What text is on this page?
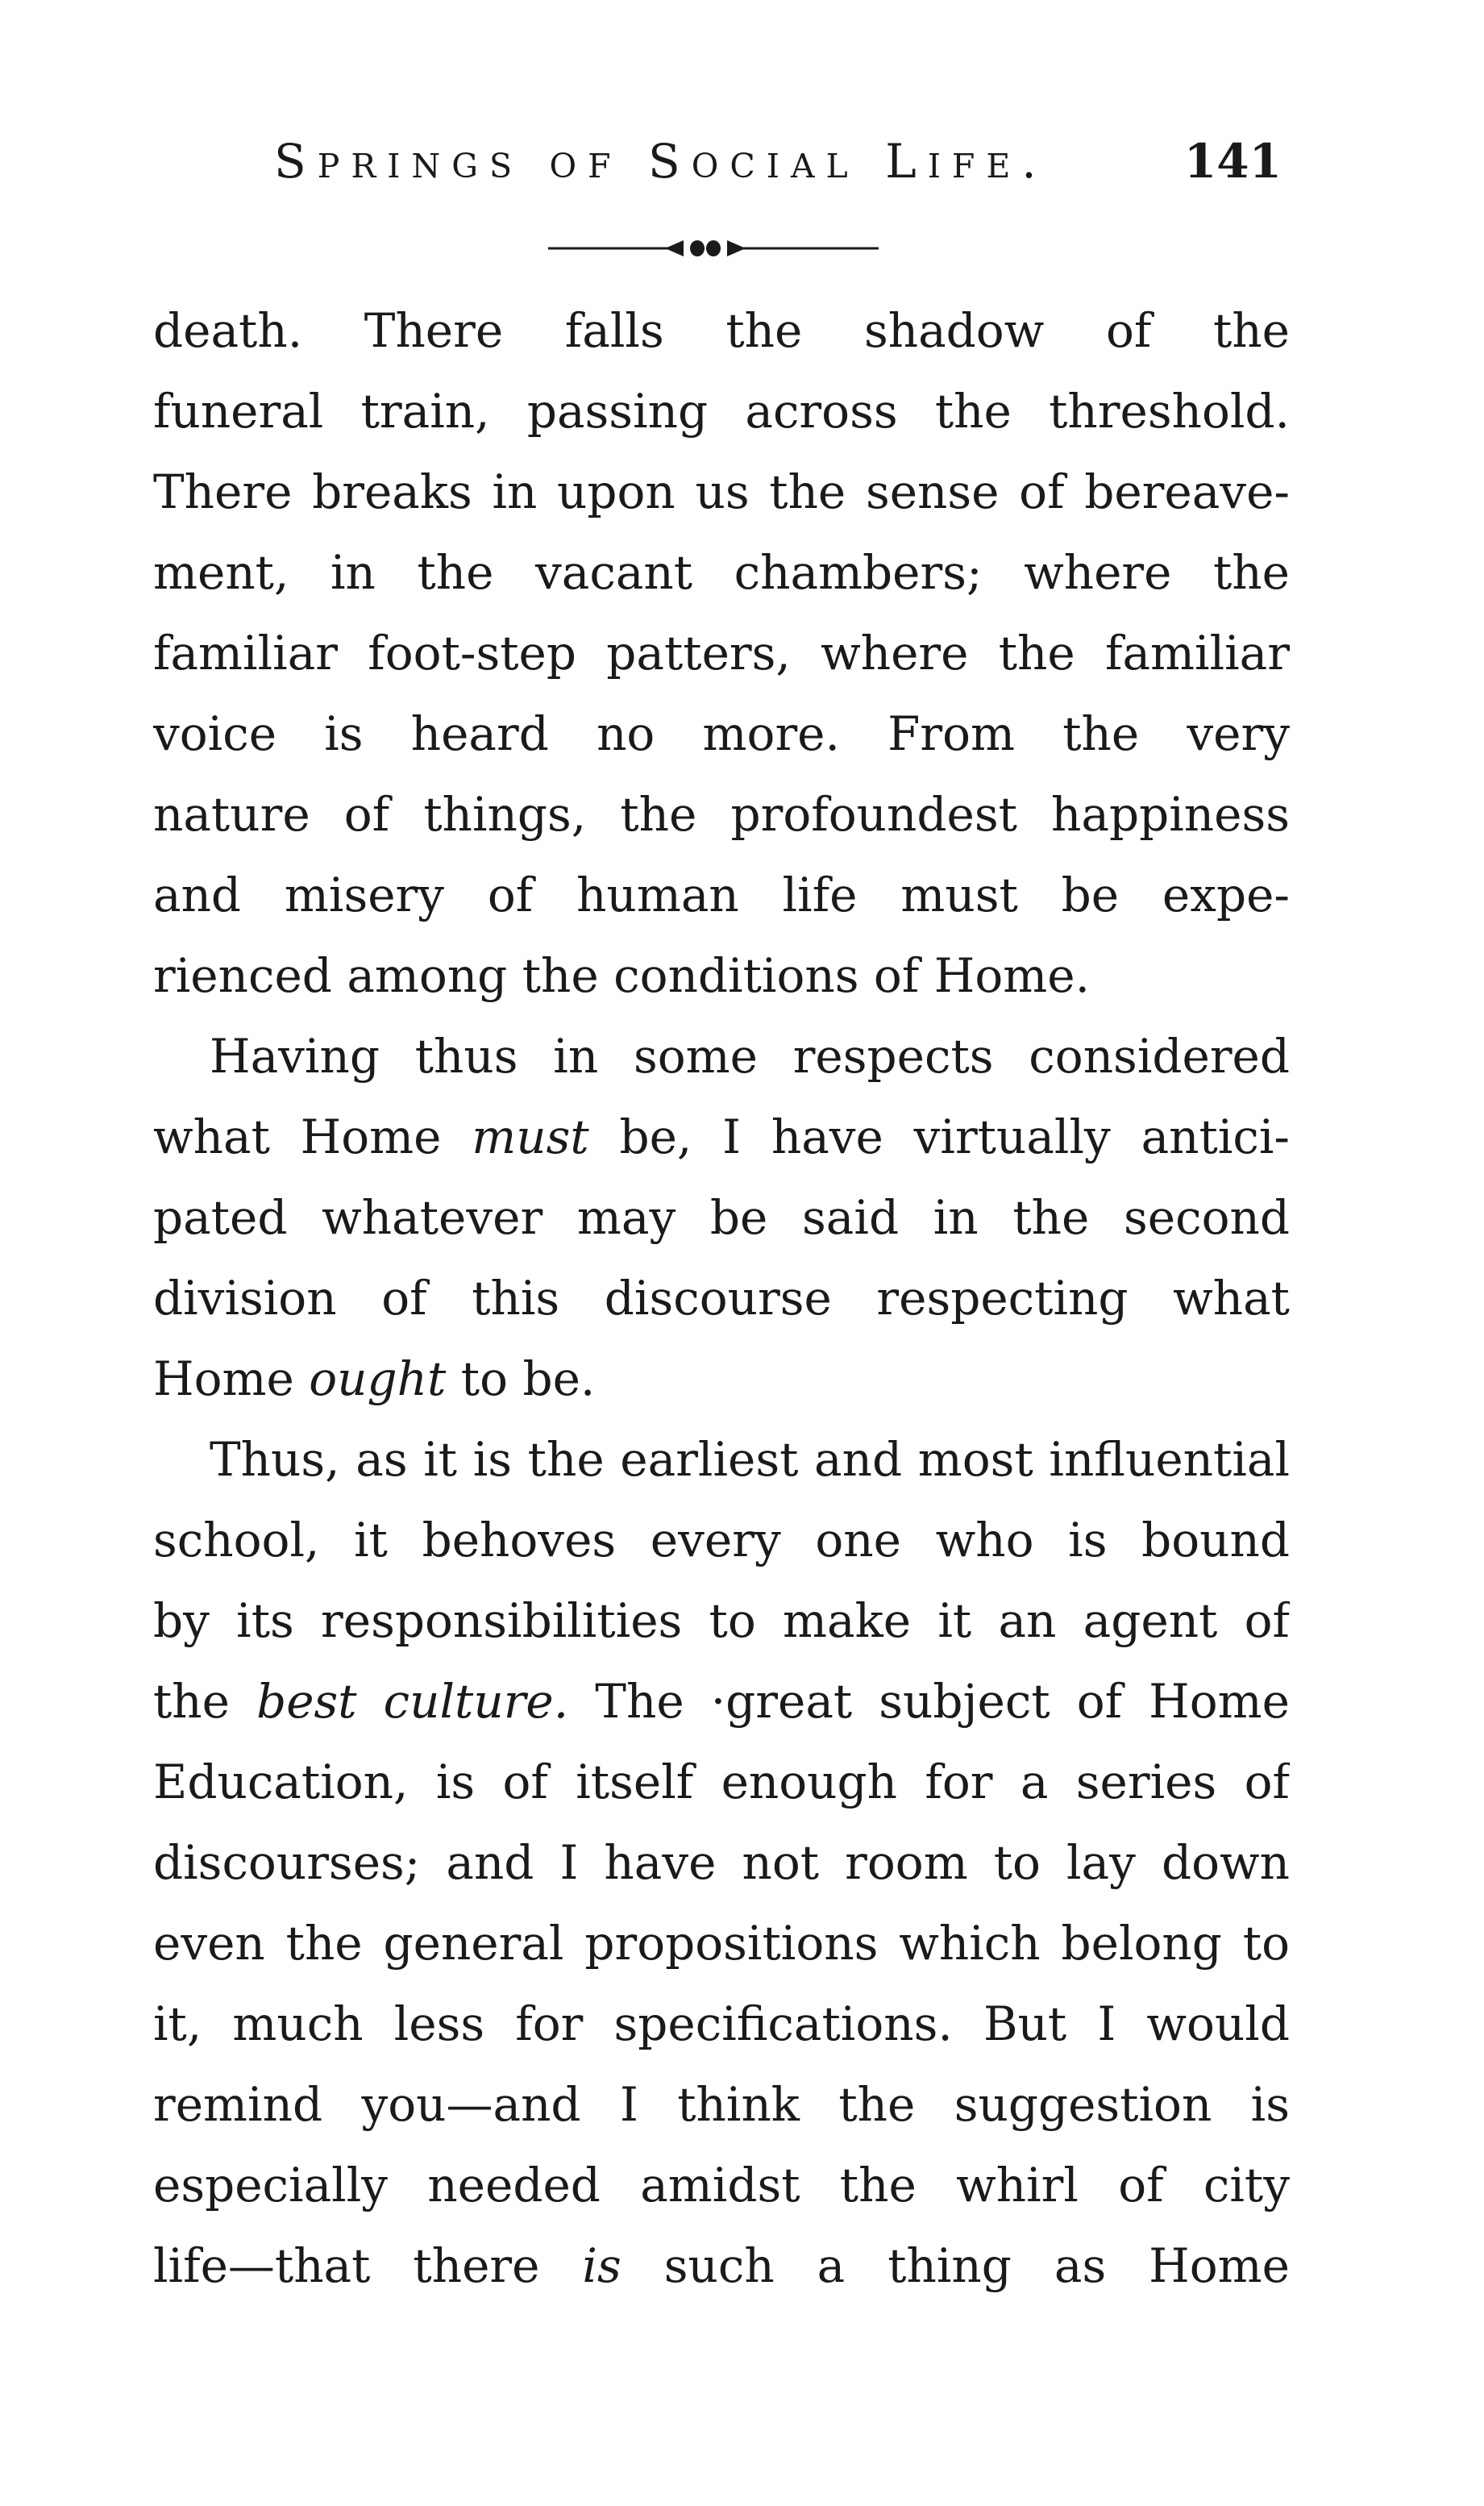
Springs of Social Life.	141
death. There falls the shadow of the
funeral train, passing across the threshold.
There breaks in upon us the sense of bereave-
ment, in the vacant chambers; where the
familiar foot-step patters, where the familiar
voice is heard no more. From the very
nature of things, the profoundest happiness
and misery of human life must be expe-
rienced among the conditions of Home.
Having thus in some respects considered
what Home must be, I have virtually antici-
pated whatever may be said in the second
division of this discourse respecting what
Home ought to be.
Thus, as it is the earliest and most influential
school, it behoves every one who is bound
by its responsibilities to make it an agent of
the best culture. The ·great subject of Home
Education, is of itself enough for a series of
discourses; and I have not room to lay down
even the general propositions which belong to
it, much less for specifications. But I would
remind you—and I think the suggestion is
especially needed amidst the whirl of city
life—that there is such a thing as Home
